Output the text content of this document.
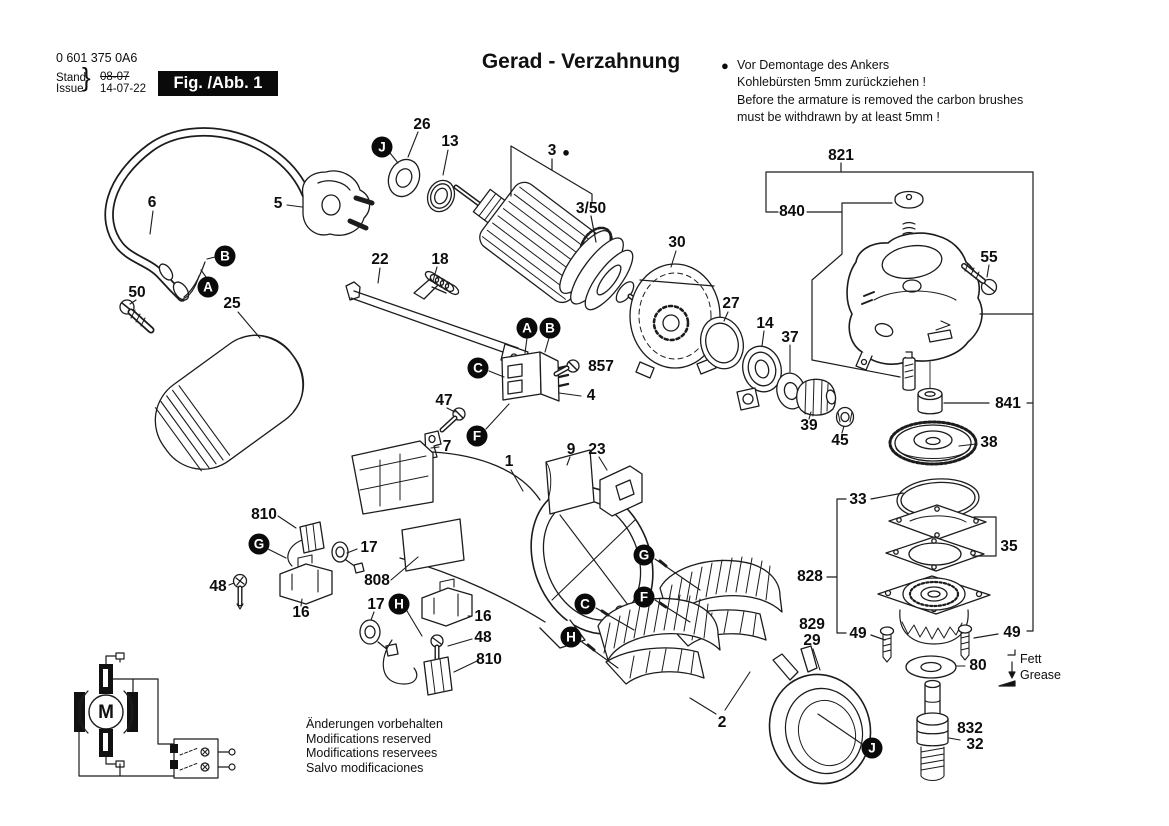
0 601 375 0A6
Stand
Issue
} 08-07
14-07-22	Fig. /Abb. 1
Gerad - Verzahnung	● Vor Demontage des Ankers
Kohlebürsten 5mm zurückziehen !
Before the armature is removed the carbon brushes
must be withdrawn by at least 5mm !
5
6
50
25
26
13
3 ●
3/50
22	18
30
27
14
37
39
45
857
4
47
7
1
9 23
808
810
17
48
16	17
16
48
810
2
821
840
55
841
38
33
35
828
49	49
80
829
29
832
32
J
B
A
A B
C
F
G
H
G
F
C
H
J
Fett
Grease
M
Änderungen vorbehalten
Modifications reserved
Modifications reservees
Salvo modificaciones
